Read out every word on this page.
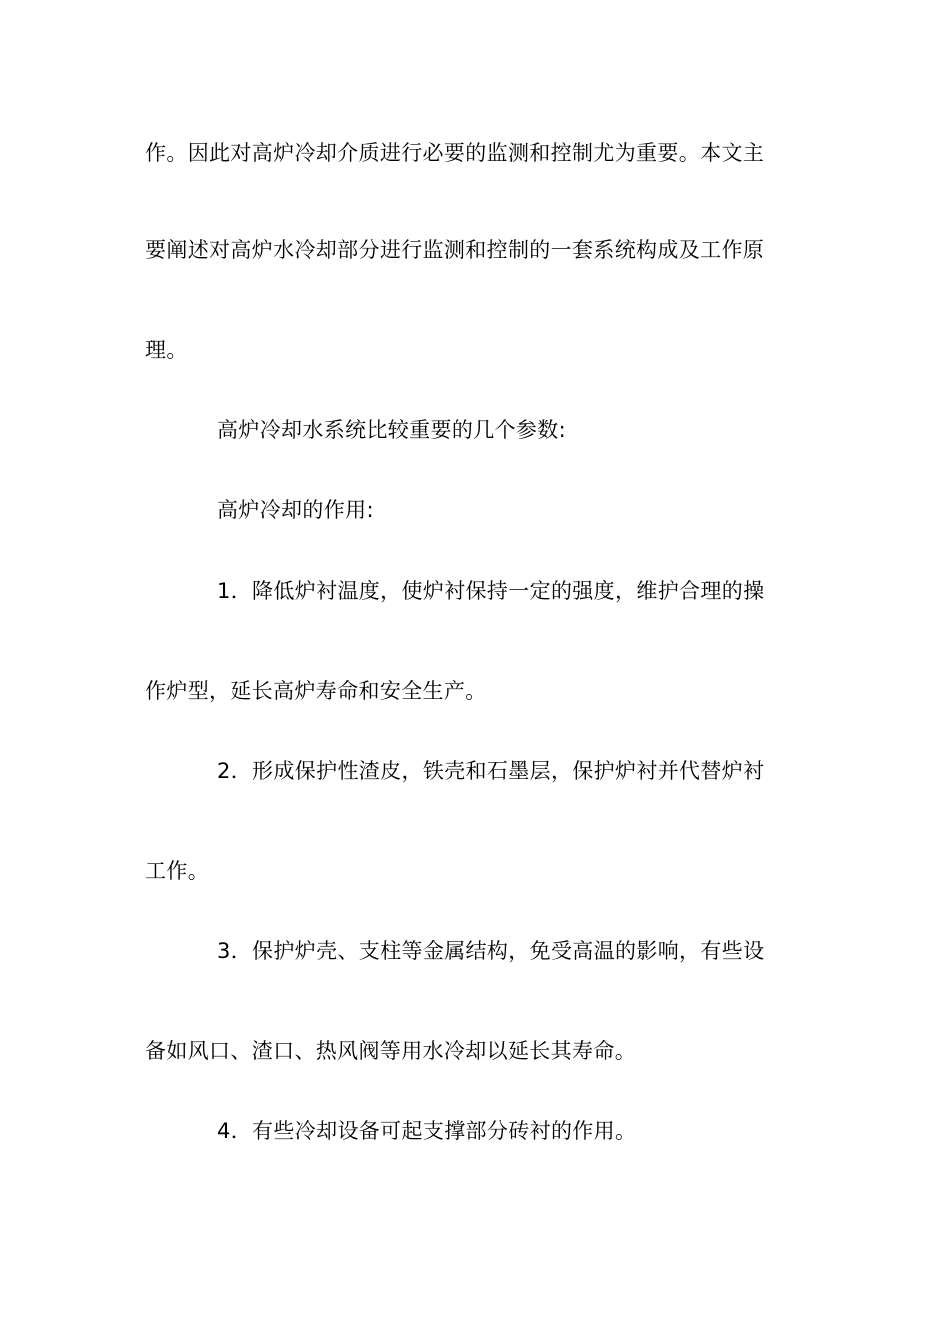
作。因此对高炉冷却介质进行必要的监测和控制尤为重要。本文主
要阐述对高炉水冷却部分进行监测和控制的一套系统构成及工作原
理。
高炉冷却水系统比较重要的几个参数:
高炉冷却的作用:
1．降低炉衬温度，使炉衬保持一定的强度，维护合理的操
作炉型，延长高炉寿命和安全生产。
2．形成保护性渣皮，铁壳和石墨层，保护炉衬并代替炉衬
工作。
3．保护炉壳、支柱等金属结构，免受高温的影响，有些设
备如风口、渣口、热风阀等用水冷却以延长其寿命。
4．有些冷却设备可起支撑部分砖衬的作用。
